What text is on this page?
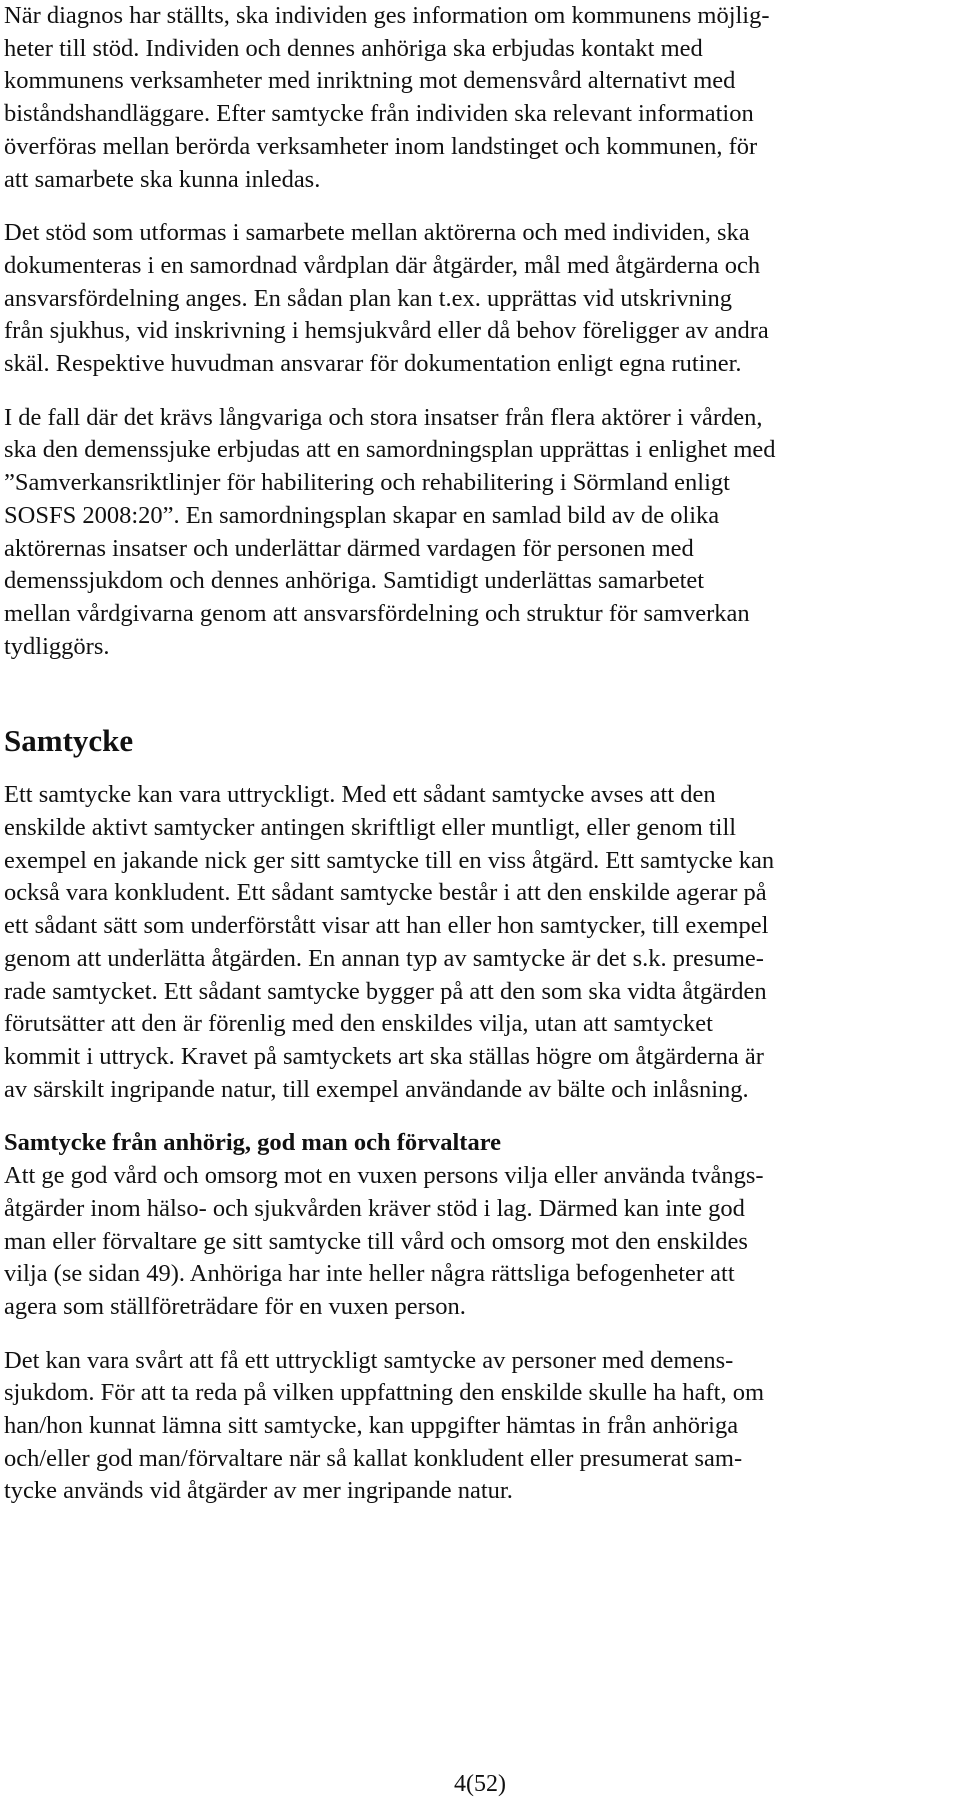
När diagnos har ställts, ska individen ges information om kommunens möjlig-
heter till stöd. Individen och dennes anhöriga ska erbjudas kontakt med
kommunens verksamheter med inriktning mot demensvård alternativt med
biståndshandläggare. Efter samtycke från individen ska relevant information
överföras mellan berörda verksamheter inom landstinget och kommunen, för
att samarbete ska kunna inledas.
Det stöd som utformas i samarbete mellan aktörerna och med individen, ska
dokumenteras i en samordnad vårdplan där åtgärder, mål med åtgärderna och
ansvarsfördelning anges. En sådan plan kan t.ex. upprättas vid utskrivning
från sjukhus, vid inskrivning i hemsjukvård eller då behov föreligger av andra
skäl. Respektive huvudman ansvarar för dokumentation enligt egna rutiner.
I de fall där det krävs långvariga och stora insatser från flera aktörer i vården,
ska den demenssjuke erbjudas att en samordningsplan upprättas i enlighet med
”Samverkansriktlinjer för habilitering och rehabilitering i Sörmland enligt
SOSFS 2008:20”. En samordningsplan skapar en samlad bild av de olika
aktörernas insatser och underlättar därmed vardagen för personen med
demenssjukdom och dennes anhöriga. Samtidigt underlättas samarbetet
mellan vårdgivarna genom att ansvarsfördelning och struktur för samverkan
tydliggörs.
Samtycke
Ett samtycke kan vara uttryckligt. Med ett sådant samtycke avses att den
enskilde aktivt samtycker antingen skriftligt eller muntligt, eller genom till
exempel en jakande nick ger sitt samtycke till en viss åtgärd. Ett samtycke kan
också vara konkludent. Ett sådant samtycke består i att den enskilde agerar på
ett sådant sätt som underförstått visar att han eller hon samtycker, till exempel
genom att underlätta åtgärden. En annan typ av samtycke är det s.k. presume-
rade samtycket. Ett sådant samtycke bygger på att den som ska vidta åtgärden
förutsätter att den är förenlig med den enskildes vilja, utan att samtycket
kommit i uttryck. Kravet på samtyckets art ska ställas högre om åtgärderna är
av särskilt ingripande natur, till exempel användande av bälte och inlåsning.
Samtycke från anhörig, god man och förvaltare
Att ge god vård och omsorg mot en vuxen persons vilja eller använda tvångs-
åtgärder inom hälso- och sjukvården kräver stöd i lag. Därmed kan inte god
man eller förvaltare ge sitt samtycke till vård och omsorg mot den enskildes
vilja (se sidan 49). Anhöriga har inte heller några rättsliga befogenheter att
agera som ställföreträdare för en vuxen person.
Det kan vara svårt att få ett uttryckligt samtycke av personer med demens-
sjukdom. För att ta reda på vilken uppfattning den enskilde skulle ha haft, om
han/hon kunnat lämna sitt samtycke, kan uppgifter hämtas in från anhöriga
och/eller god man/förvaltare när så kallat konkludent eller presumerat sam-
tycke används vid åtgärder av mer ingripande natur.
4(52)
